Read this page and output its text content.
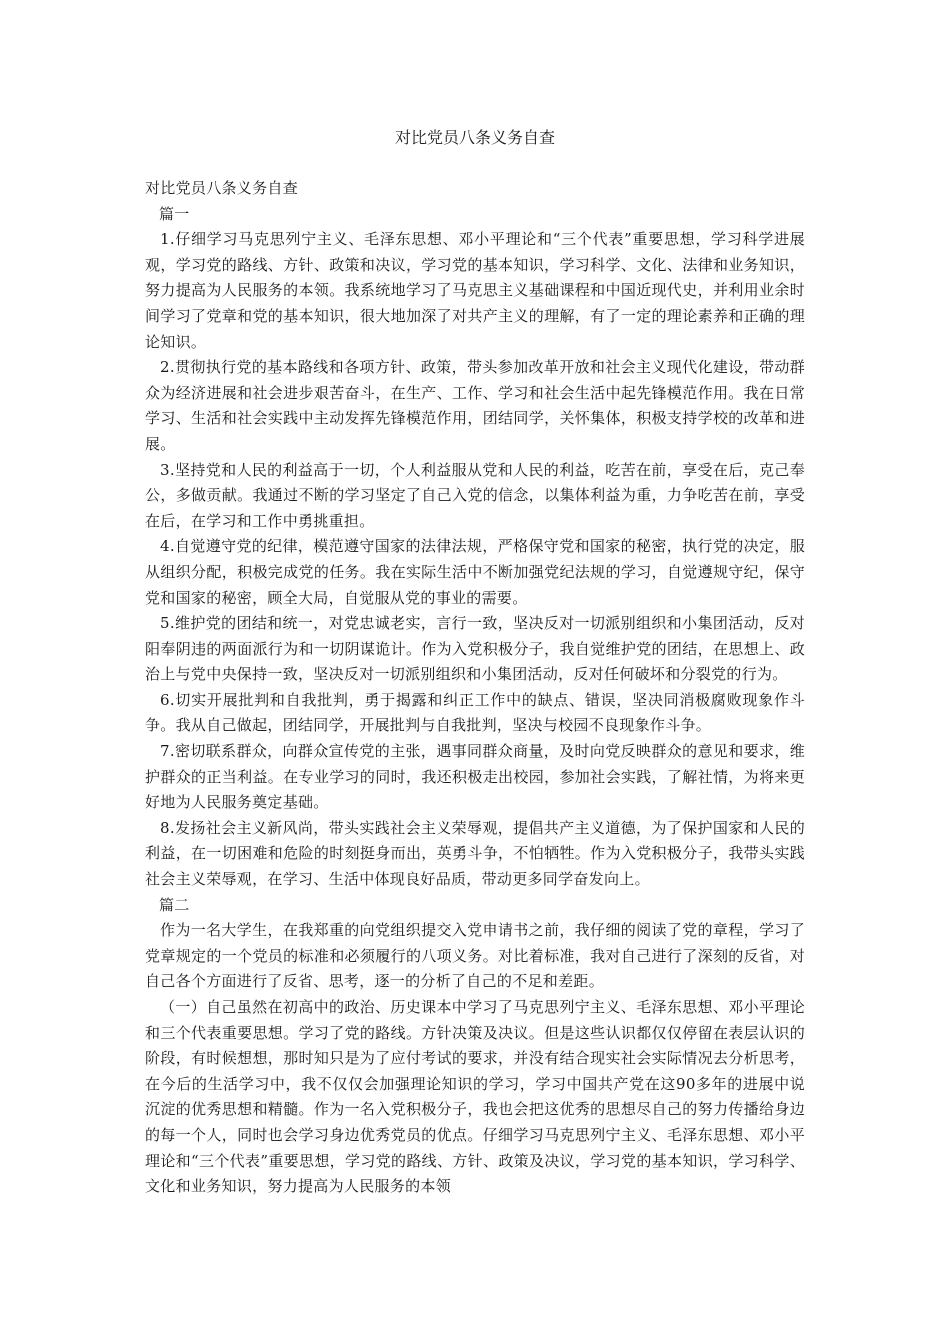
对比党员八条义务自查

对比党员八条义务自查

篇一

1.仔细学习马克思列宁主义、毛泽东思想、邓小平理论和“三个代表”重要思想，学习科学进展观，学习党的路线、方针、政策和决议，学习党的基本知识，学习科学、文化、法律和业务知识，努力提高为人民服务的本领。我系统地学习了马克思主义基础课程和中国近现代史，并利用业余时间学习了党章和党的基本知识，很大地加深了对共产主义的理解，有了一定的理论素养和正确的理论知识。

2.贯彻执行党的基本路线和各项方针、政策，带头参加改革开放和社会主义现代化建设，带动群众为经济进展和社会进步艰苦奋斗，在生产、工作、学习和社会生活中起先锋模范作用。我在日常学习、生活和社会实践中主动发挥先锋模范作用，团结同学，关怀集体，积极支持学校的改革和进展。

3.坚持党和人民的利益高于一切，个人利益服从党和人民的利益，吃苦在前，享受在后，克己奉公，多做贡献。我通过不断的学习坚定了自己入党的信念，以集体利益为重，力争吃苦在前，享受在后，在学习和工作中勇挑重担。

4.自觉遵守党的纪律，模范遵守国家的法律法规，严格保守党和国家的秘密，执行党的决定，服从组织分配，积极完成党的任务。我在实际生活中不断加强党纪法规的学习，自觉遵规守纪，保守党和国家的秘密，顾全大局，自觉服从党的事业的需要。

5.维护党的团结和统一，对党忠诚老实，言行一致，坚决反对一切派别组织和小集团活动，反对阳奉阴违的两面派行为和一切阴谋诡计。作为入党积极分子，我自觉维护党的团结，在思想上、政治上与党中央保持一致，坚决反对一切派别组织和小集团活动，反对任何破坏和分裂党的行为。

6.切实开展批判和自我批判，勇于揭露和纠正工作中的缺点、错误，坚决同消极腐败现象作斗争。我从自己做起，团结同学，开展批判与自我批判，坚决与校园不良现象作斗争。

7.密切联系群众，向群众宣传党的主张，遇事同群众商量，及时向党反映群众的意见和要求，维护群众的正当利益。在专业学习的同时，我还积极走出校园，参加社会实践，了解社情，为将来更好地为人民服务奠定基础。

8.发扬社会主义新风尚，带头实践社会主义荣辱观，提倡共产主义道德，为了保护国家和人民的利益，在一切困难和危险的时刻挺身而出，英勇斗争，不怕牺牲。作为入党积极分子，我带头实践社会主义荣辱观，在学习、生活中体现良好品质，带动更多同学奋发向上。

篇二

作为一名大学生，在我郑重的向党组织提交入党申请书之前，我仔细的阅读了党的章程，学习了党章规定的一个党员的标准和必须履行的八项义务。对比着标准，我对自己进行了深刻的反省，对自己各个方面进行了反省、思考，逐一的分析了自己的不足和差距。

（一）自己虽然在初高中的政治、历史课本中学习了马克思列宁主义、毛泽东思想、邓小平理论和三个代表重要思想。学习了党的路线。方针决策及决议。但是这些认识都仅仅停留在表层认识的阶段，有时候想想，那时知只是为了应付考试的要求，并没有结合现实社会实际情况去分析思考，在今后的生活学习中，我不仅仅会加强理论知识的学习，学习中国共产党在这90多年的进展中说沉淀的优秀思想和精髓。作为一名入党积极分子，我也会把这优秀的思想尽自己的努力传播给身边的每一个人，同时也会学习身边优秀党员的优点。仔细学习马克思列宁主义、毛泽东思想、邓小平理论和“三个代表”重要思想，学习党的路线、方针、政策及决议，学习党的基本知识，学习科学、文化和业务知识，努力提高为人民服务的本领
